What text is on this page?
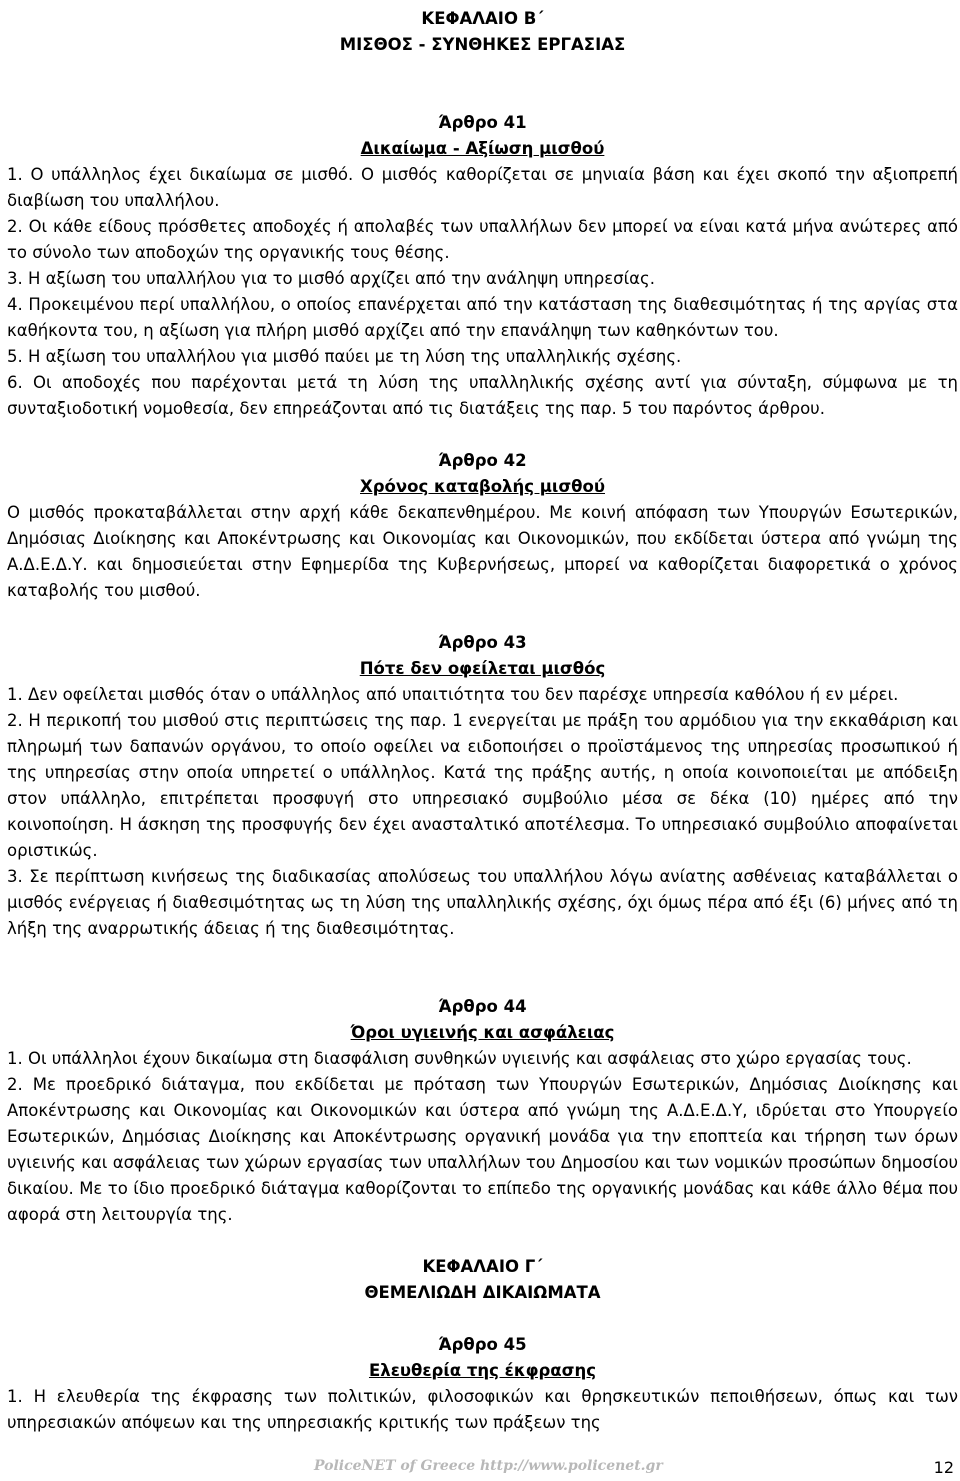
ΚΕΦΑΛΑΙΟ Β΄
ΜΙΣΘΟΣ - ΣΥΝΘΗΚΕΣ ΕΡΓΑΣΙΑΣ
Άρθρο 41
Δικαίωμα - Αξίωση μισθού

1. Ο υπάλληλος έχει δικαίωμα σε μισθό. Ο μισθός καθορίζεται σε μηνιαία βάση και έχει σκοπό την αξιοπρεπή διαβίωση του υπαλλήλου.

2. Οι κάθε είδους πρόσθετες αποδοχές ή απολαβές των υπαλλήλων δεν μπορεί να είναι κατά μήνα ανώτερες από το σύνολο των αποδοχών της οργανικής τους θέσης.

3. Η αξίωση του υπαλλήλου για το μισθό αρχίζει από την ανάληψη υπηρεσίας.

4. Προκειμένου περί υπαλλήλου, ο οποίος επανέρχεται από την κατάσταση της διαθεσιμότητας ή της αργίας στα καθήκοντα του, η αξίωση για πλήρη μισθό αρχίζει από την επανάληψη των καθηκόντων του.

5. Η αξίωση του υπαλλήλου για μισθό παύει με τη λύση της υπαλληλικής σχέσης.

6. Οι αποδοχές που παρέχονται μετά τη λύση της υπαλληλικής σχέσης αντί για σύνταξη, σύμφωνα με τη συνταξιοδοτική νομοθεσία, δεν επηρεάζονται από τις διατάξεις της παρ. 5 του παρόντος άρθρου.

Άρθρο 42
Χρόνος καταβολής μισθού

Ο μισθός προκαταβάλλεται στην αρχή κάθε δεκαπενθημέρου. Με κοινή απόφαση των Υπουργών Εσωτερικών, Δημόσιας Διοίκησης και Αποκέντρωσης και Οικονομίας και Οικονομικών, που εκδίδεται ύστερα από γνώμη της Α.Δ.Ε.Δ.Υ. και δημοσιεύεται στην Εφημερίδα της Κυβερνήσεως, μπορεί να καθορίζεται διαφορετικά ο χρόνος καταβολής του μισθού.

Άρθρο 43
Πότε δεν οφείλεται μισθός

1. Δεν οφείλεται μισθός όταν ο υπάλληλος από υπαιτιότητα του δεν παρέσχε υπηρεσία καθόλου ή εν μέρει.

2. Η περικοπή του μισθού στις περιπτώσεις της παρ. 1 ενεργείται με πράξη του αρμόδιου για την εκκαθάριση και πληρωμή των δαπανών οργάνου, το οποίο οφείλει να ειδοποιήσει ο προϊστάμενος της υπηρεσίας προσωπικού ή της υπηρεσίας στην οποία υπηρετεί ο υπάλληλος. Κατά της πράξης αυτής, η οποία κοινοποιείται με απόδειξη στον υπάλληλο, επιτρέπεται προσφυγή στο υπηρεσιακό συμβούλιο μέσα σε δέκα (10) ημέρες από την κοινοποίηση. Η άσκηση της προσφυγής δεν έχει ανασταλτικό αποτέλεσμα. Το υπηρεσιακό συμβούλιο αποφαίνεται οριστικώς.

3. Σε περίπτωση κινήσεως της διαδικασίας απολύσεως του υπαλλήλου λόγω ανίατης ασθένειας καταβάλλεται ο μισθός ενέργειας ή διαθεσιμότητας ως τη λύση της υπαλληλικής σχέσης, όχι όμως πέρα από έξι (6) μήνες από τη λήξη της αναρρωτικής άδειας ή της διαθεσιμότητας.

Άρθρο 44
Όροι υγιεινής και ασφάλειας

1. Οι υπάλληλοι έχουν δικαίωμα στη διασφάλιση συνθηκών υγιεινής και ασφάλειας στο χώρο εργασίας τους.

2. Με προεδρικό διάταγμα, που εκδίδεται με πρόταση των Υπουργών Εσωτερικών, Δημόσιας Διοίκησης και Αποκέντρωσης και Οικονομίας και Οικονομικών και ύστερα από γνώμη της Α.Δ.Ε.Δ.Υ, ιδρύεται στο Υπουργείο Εσωτερικών, Δημόσιας Διοίκησης και Αποκέντρωσης οργανική μονάδα για την εποπτεία και τήρηση των όρων υγιεινής και ασφάλειας των χώρων εργασίας των υπαλλήλων του Δημοσίου και των νομικών προσώπων δημοσίου δικαίου. Με το ίδιο προεδρικό διάταγμα καθορίζονται το επίπεδο της οργανικής μονάδας και κάθε άλλο θέμα που αφορά στη λειτουργία της.

ΚΕΦΑΛΑΙΟ Γ΄
ΘΕΜΕΛΙΩΔΗ ΔΙΚΑΙΩΜΑΤΑ
Άρθρο 45
Ελευθερία της έκφρασης

1. Η ελευθερία της έκφρασης των πολιτικών, φιλοσοφικών και θρησκευτικών πεποιθήσεων, όπως και των υπηρεσιακών απόψεων και της υπηρεσιακής κριτικής των πράξεων της

PoliceNET of Greece http://www.policenet.gr	12
